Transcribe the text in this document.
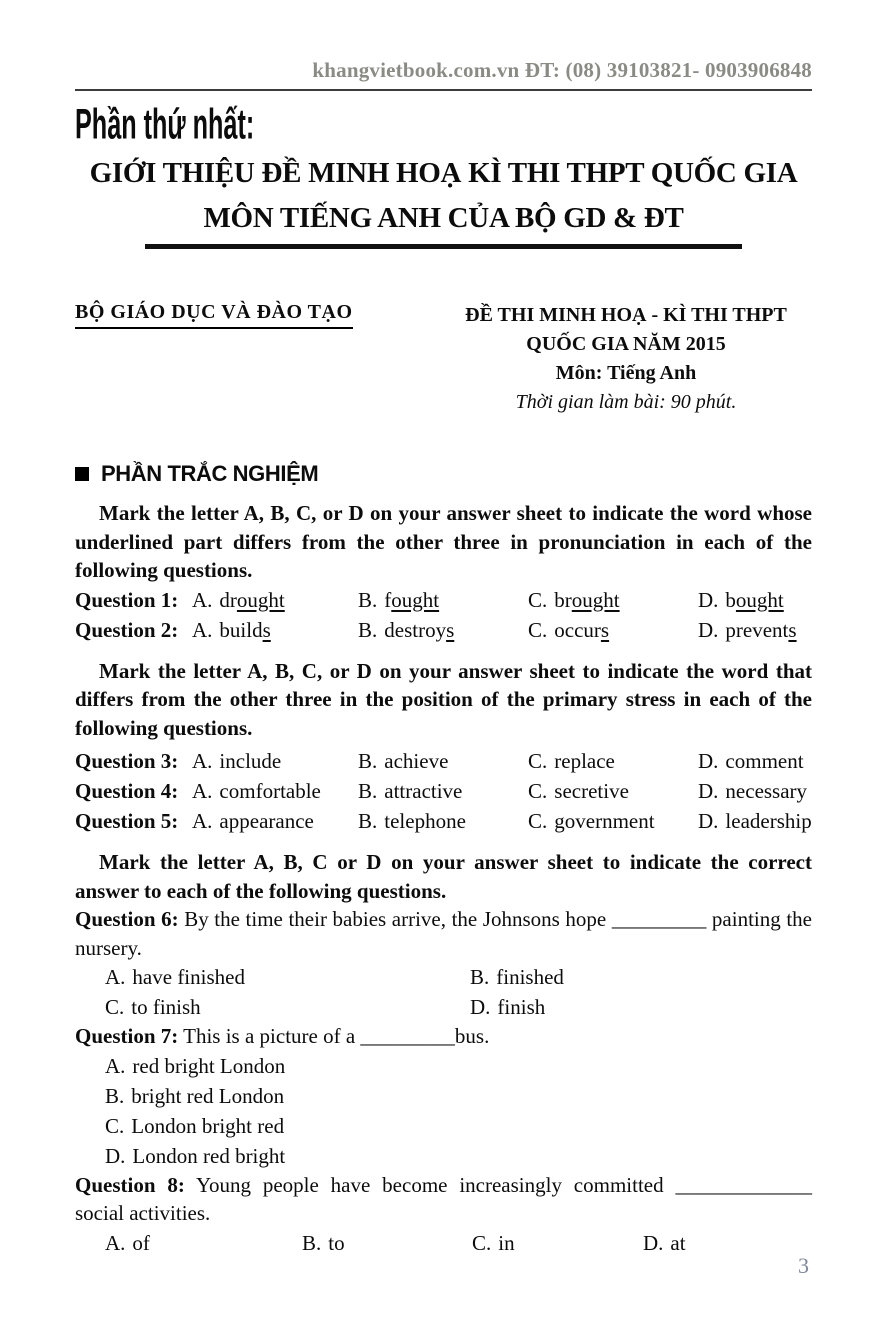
khangvietbook.com.vn ĐT: (08) 39103821- 0903906848
Phần thứ nhất:
GIỚI THIỆU ĐỀ MINH HOẠ KÌ THI THPT QUỐC GIA
MÔN TIẾNG ANH CỦA BỘ GD & ĐT
BỘ GIÁO DỤC VÀ ĐÀO TẠO	ĐỀ THI MINH HOẠ - KÌ THI THPT
QUỐC GIA NĂM 2015
Môn: Tiếng Anh
Thời gian làm bài: 90 phút.
PHẦN TRẮC NGHIỆM

Mark the letter A, B, C, or D on your answer sheet to indicate the word whose underlined part differs from the other three in pronunciation in each of the following questions.

Question 1: A. drought	B. fought	C. brought	D. bought
Question 2: A. builds	B. destroys	C. occurs	D. prevents

Mark the letter A, B, C, or D on your answer sheet to indicate the word that differs from the other three in the position of the primary stress in each of the following questions.

Question 3: A. include	B. achieve	C. replace	D. comment
Question 4: A. comfortable	B. attractive	C. secretive	D. necessary
Question 5: A. appearance	B. telephone	C. government	D. leadership

Mark the letter A, B, C or D on your answer sheet to indicate the correct answer to each of the following questions.

Question 6: By the time their babies arrive, the Johnsons hope _________ painting the nursery.

A. have finished	B. finished
C. to finish	D. finish

Question 7: This is a picture of a _________bus.

A. red bright London
B. bright red London
C. London bright red
D. London red bright

Question 8: Young people have become increasingly committed _____________ social activities.

A. of	B. to	C. in	D. at
3
